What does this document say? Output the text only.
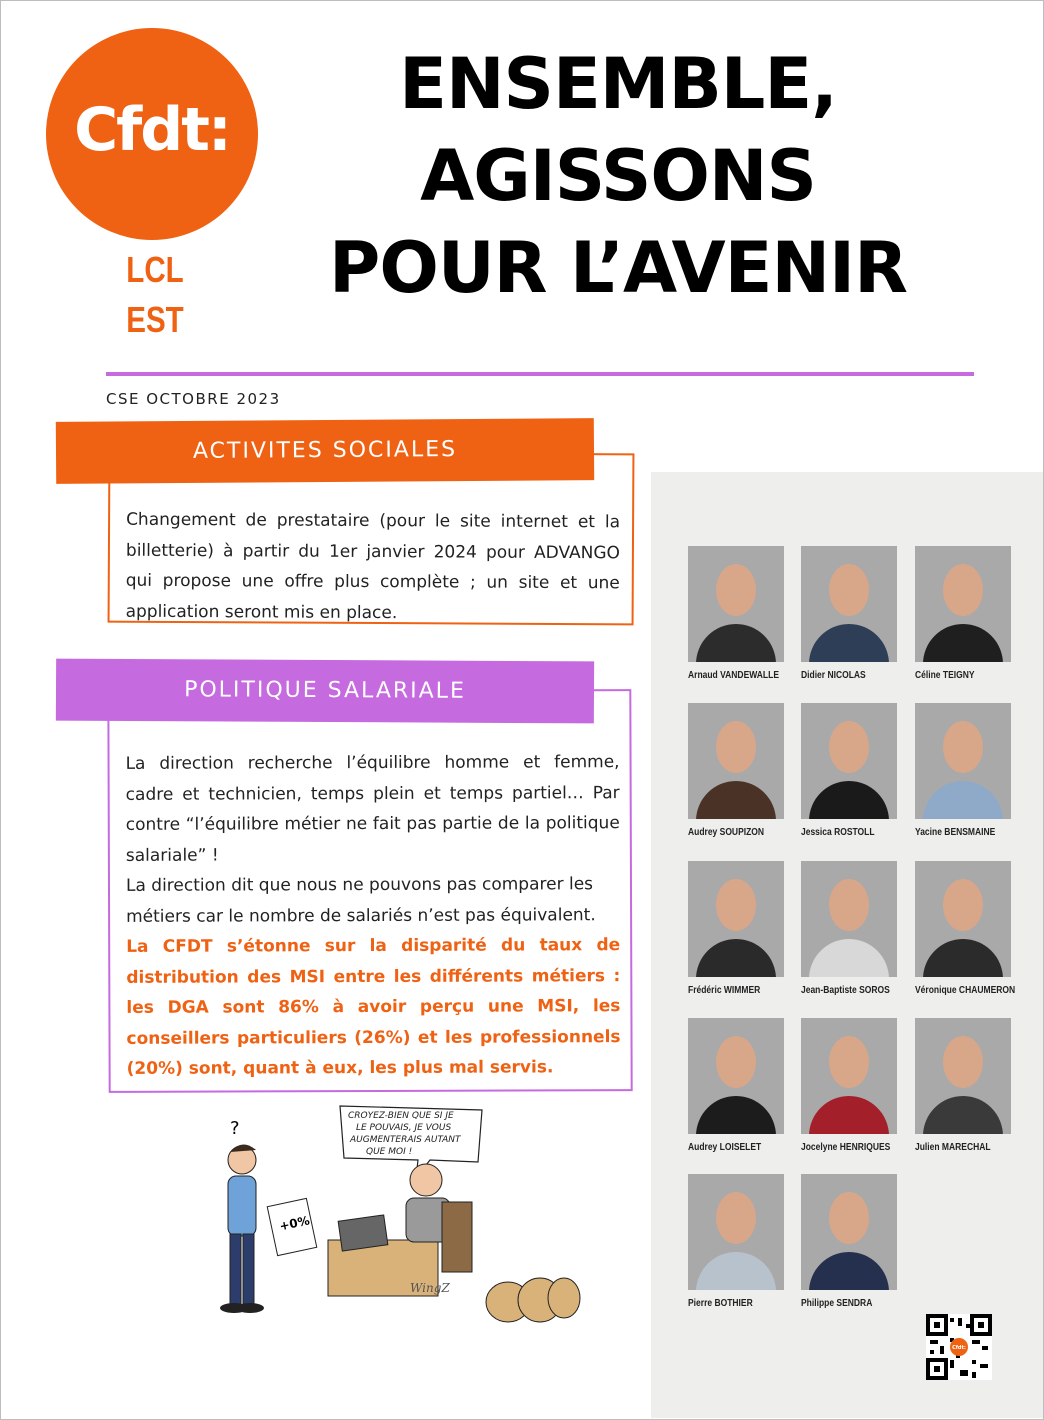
Cfdt:
LCL
EST
ENSEMBLE,
AGISSONS
POUR L’AVENIR
CSE OCTOBRE 2023

Changement de prestataire (pour le site internet et la billetterie) à partir du 1er janvier 2024 pour ADVANGO qui propose une offre plus complète ; un site et une application seront mis en place.

ACTIVITES SOCIALES

La direction recherche l’équilibre homme et femme, cadre et technicien, temps plein et temps partiel… Par contre “l’équilibre métier ne fait pas partie de la politique salariale” !

La direction dit que nous ne pouvons pas comparer les métiers car le nombre de salariés n’est pas équivalent.

La CFDT s’étonne sur la disparité du taux de distribution des MSI entre les différents métiers : les DGA sont 86% à avoir perçu une MSI, les conseillers particuliers (26%) et les professionnels (20%) sont, quant à eux, les plus mal servis.

POLITIQUE SALARIALE
?
CROYEZ-BIEN QUE SI JE LE POUVAIS, JE VOUS AUGMENTERAIS AUTANT QUE MOI !
+0%
WingZ
Arnaud VANDEWALLE	Didier NICOLAS	Céline TEIGNY
Audrey SOUPIZON	Jessica ROSTOLL	Yacine BENSMAINE
Frédéric WIMMER	Jean-Baptiste SOROS	Véronique CHAUMERON
Audrey LOISELET	Jocelyne HENRIQUES	Julien MARECHAL
Pierre BOTHIER	Philippe SENDRA
Cfdt:
